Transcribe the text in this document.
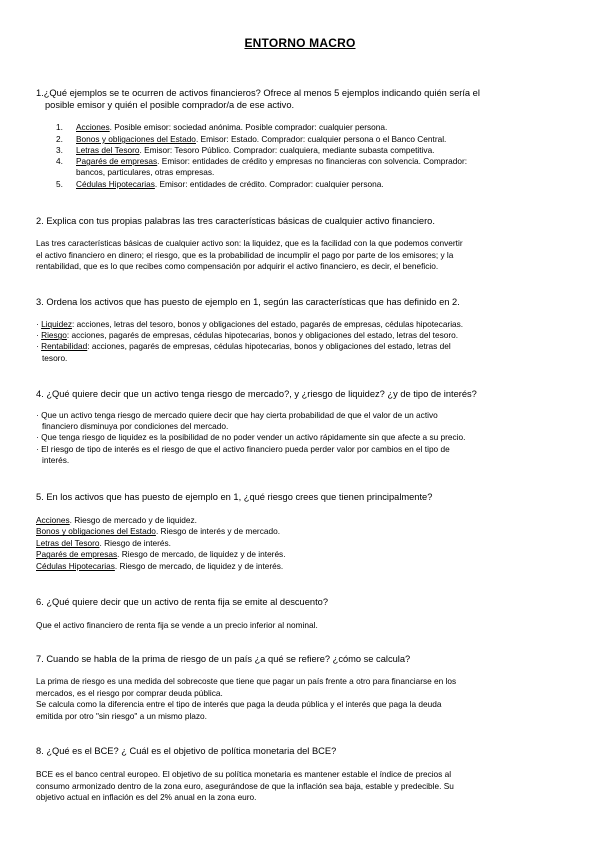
ENTORNO MACRO
1.¿Qué ejemplos se te ocurren de activos financieros? Ofrece al menos 5 ejemplos indicando quién sería el
posible emisor y quién el posible comprador/a de ese activo.
1. Acciones. Posible emisor: sociedad anónima. Posible comprador: cualquier persona.
2. Bonos y obligaciones del Estado. Emisor: Estado. Comprador: cualquier persona o el Banco Central.
3. Letras del Tesoro. Emisor: Tesoro Público. Comprador: cualquiera, mediante subasta competitiva.
4. Pagarés de empresas. Emisor: entidades de crédito y empresas no financieras con solvencia. Comprador:
bancos, particulares, otras empresas.
5. Cédulas Hipotecarias. Emisor: entidades de crédito. Comprador: cualquier persona.
2. Explica con tus propias palabras las tres características básicas de cualquier activo financiero.
Las tres características básicas de cualquier activo son: la liquidez, que es la facilidad con la que podemos convertir
el activo financiero en dinero; el riesgo, que es la probabilidad de incumplir el pago por parte de los emisores; y la
rentabilidad, que es lo que recibes como compensación por adquirir el activo financiero, es decir, el beneficio.
3. Ordena los activos que has puesto de ejemplo en 1, según las características que has definido en 2.
· Liquidez: acciones, letras del tesoro, bonos y obligaciones del estado, pagarés de empresas, cédulas hipotecarias.
· Riesgo: acciones, pagarés de empresas, cédulas hipotecarias, bonos y obligaciones del estado, letras del tesoro.
· Rentabilidad: acciones, pagarés de empresas, cédulas hipotecarias, bonos y obligaciones del estado, letras del
tesoro.
4. ¿Qué quiere decir que un activo tenga riesgo de mercado?, y ¿riesgo de liquidez? ¿y de tipo de interés?
· Que un activo tenga riesgo de mercado quiere decir que hay cierta probabilidad de que el valor de un activo
financiero disminuya por condiciones del mercado.
· Que tenga riesgo de liquidez es la posibilidad de no poder vender un activo rápidamente sin que afecte a su precio.
· El riesgo de tipo de interés es el riesgo de que el activo financiero pueda perder valor por cambios en el tipo de
interés.
5. En los activos que has puesto de ejemplo en 1, ¿qué riesgo crees que tienen principalmente?
Acciones. Riesgo de mercado y de liquidez.
Bonos y obligaciones del Estado. Riesgo de interés y de mercado.
Letras del Tesoro. Riesgo de interés.
Pagarés de empresas. Riesgo de mercado, de liquidez y de interés.
Cédulas Hipotecarias. Riesgo de mercado, de liquidez y de interés.
6. ¿Qué quiere decir que un activo de renta fija se emite al descuento?
Que el activo financiero de renta fija se vende a un precio inferior al nominal.
7. Cuando se habla de la prima de riesgo de un país ¿a qué se refiere? ¿cómo se calcula?
La prima de riesgo es una medida del sobrecoste que tiene que pagar un país frente a otro para financiarse en los
mercados, es el riesgo por comprar deuda pública.
Se calcula como la diferencia entre el tipo de interés que paga la deuda pública y el interés que paga la deuda
emitida por otro "sin riesgo" a un mismo plazo.
8. ¿Qué es el BCE? ¿ Cuál es el objetivo de política monetaria del BCE?
BCE es el banco central europeo. El objetivo de su política monetaria es mantener estable el índice de precios al
consumo armonizado dentro de la zona euro, asegurándose de que la inflación sea baja, estable y predecible. Su
objetivo actual en inflación es del 2% anual en la zona euro.
